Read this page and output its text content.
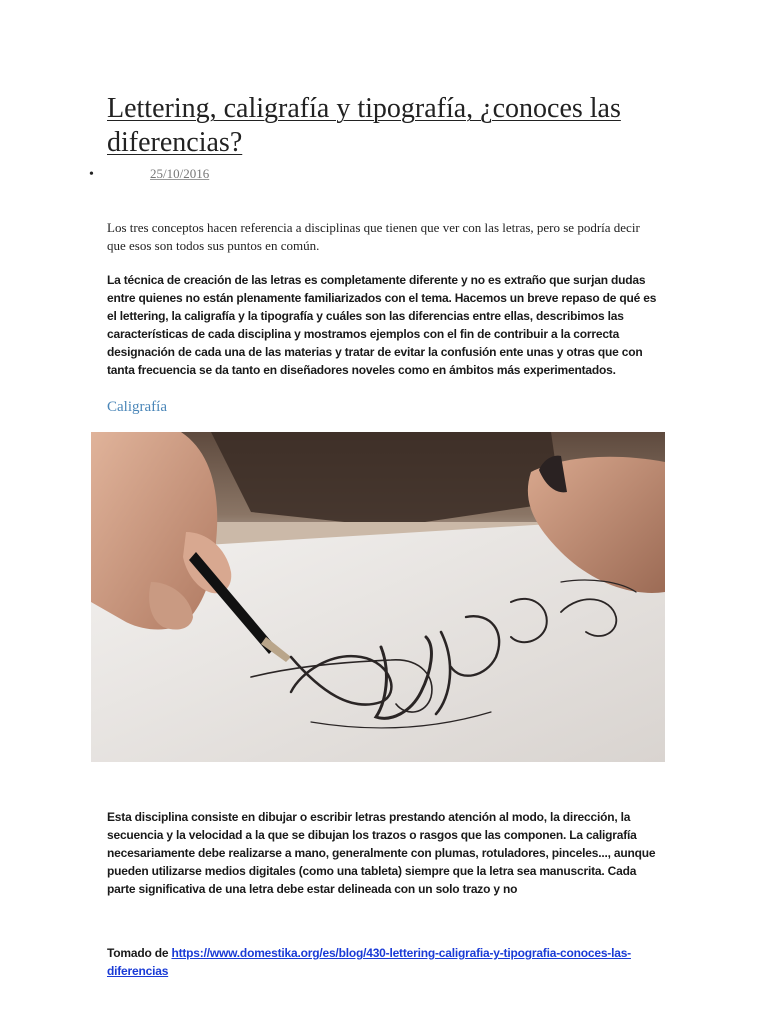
Lettering, caligrafía y tipografía, ¿conoces las diferencias?
•	25/10/2016

Los tres conceptos hacen referencia a disciplinas que tienen que ver con las letras, pero se podría decir que esos son todos sus puntos en común.

La técnica de creación de las letras es completamente diferente y no es extraño que surjan dudas entre quienes no están plenamente familiarizados con el tema. Hacemos un breve repaso de qué es el lettering, la caligrafía y la tipografía y cuáles son las diferencias entre ellas, describimos las características de cada disciplina y mostramos ejemplos con el fin de contribuir a la correcta designación de cada una de las materias y tratar de evitar la confusión ente unas y otras que con tanta frecuencia se da tanto en diseñadores noveles como en ámbitos más experimentados.

Caligrafía

Esta disciplina consiste en dibujar o escribir letras prestando atención al modo, la dirección, la secuencia y la velocidad a la que se dibujan los trazos o rasgos que las componen. La caligrafía necesariamente debe realizarse a mano, generalmente con plumas, rotuladores, pinceles..., aunque pueden utilizarse medios digitales (como una tableta) siempre que la letra sea manuscrita. Cada parte significativa de una letra debe estar delineada con un solo trazo y no

Tomado de https://www.domestika.org/es/blog/430-lettering-caligrafia-y-tipografia-conoces-las-diferencias
